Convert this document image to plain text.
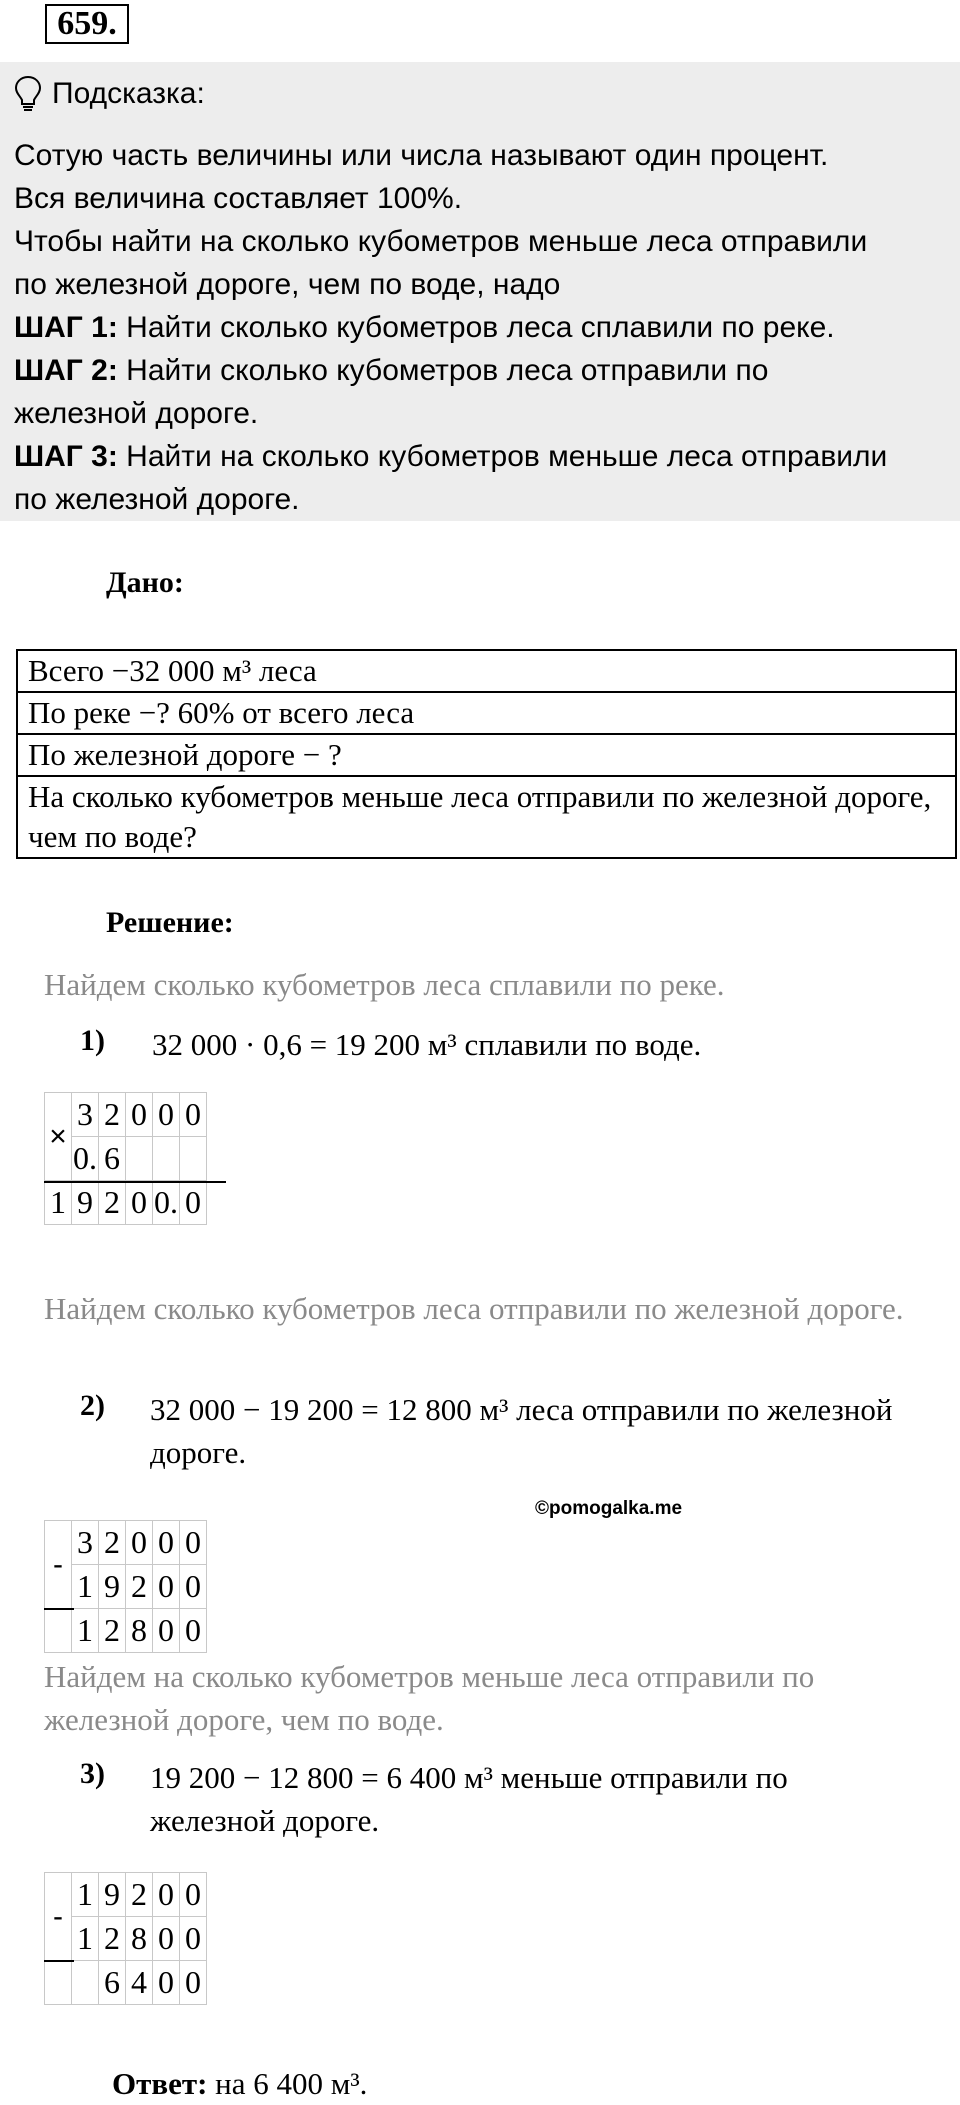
659.
Подсказка:
Сотую часть величины или числа называют один процент.
Вся величина составляет 100%.
Чтобы найти на сколько кубометров меньше леса отправили
по железной дороге, чем по воде, надо
ШАГ 1: Найти сколько кубометров леса сплавили по реке.
ШАГ 2: Найти сколько кубометров леса отправили по
железной дороге.
ШАГ 3: Найти на сколько кубометров меньше леса отправили
по железной дороге.
Дано:
Всего −32 000 м³ леса
По реке −? 60% от всего леса
По железной дороге − ?
На сколько кубометров меньше леса отправили по железной дороге, чем по воде?
Решение:
Найдем сколько кубометров леса сплавили по реке.
1) 32 000 · 0,6 = 19 200 м³ сплавили по воде.
×	3	2	0	0	0
	0.	6			
1	9	2	0	0.	0
Найдем сколько кубометров леса отправили по железной дороге.
2) 32 000 − 19 200 = 12 800 м³ леса отправили по железной дороге.
©pomogalka.me
-	3	2	0	0	0
	1	9	2	0	0
	1	2	8	0	0
Найдем на сколько кубометров меньше леса отправили по железной дороге, чем по воде.
3) 19 200 − 12 800 = 6 400 м³ меньше отправили по железной дороге.
-	1	9	2	0	0
	1	2	8	0	0
		6	4	0	0
Ответ: на 6 400 м³.
